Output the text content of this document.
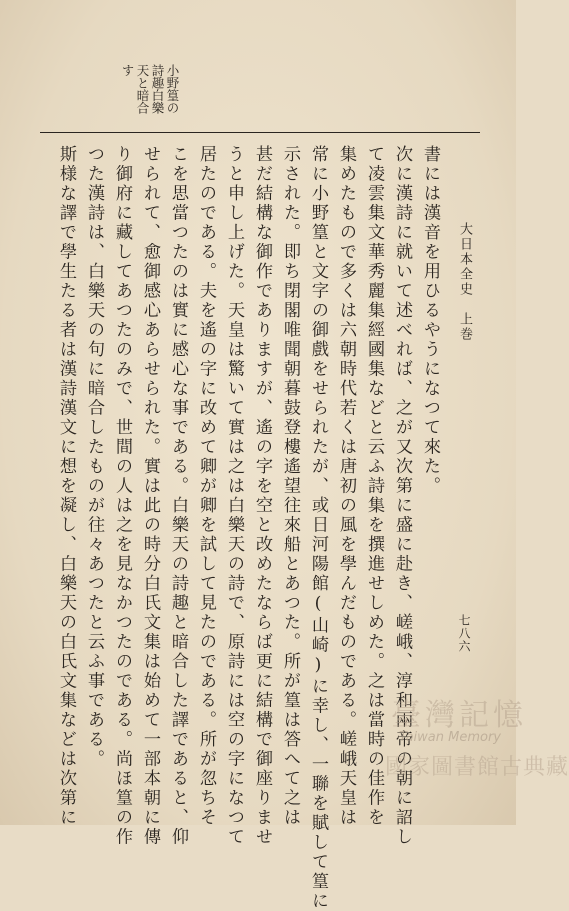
大日本全史　上巻
七八六
小野篁の
詩趣白樂
天と暗合
す
書には漢音を用ひるやうになつて來た。
次に漢詩に就いて述べれば、之が又次第に盛に赴き、嵯峨、淳和兩帝の朝に詔し
て凌雲集文華秀麗集經國集などと云ふ詩集を撰進せしめた。之は當時の佳作を
集めたもので多くは六朝時代若くは唐初の風を學んだものである。嵯峨天皇は
常に小野篁と文字の御戲をせられたが、或日河陽館(山崎)に幸し、一聯を賦して篁に
示された。即ち閉閣唯聞朝暮鼓登樓遙望往來船とあつた。所が篁は答へて之は
甚だ結構な御作でありますが、遙の字を空と改めたならば更に結構で御座りませ
うと申し上げた。天皇は驚いて實は之は白樂天の詩で、原詩には空の字になつて
居たのである。夫を遙の字に改めて卿が卿を試して見たのである。所が忽ちそ
こを思當つたのは實に感心な事である。白樂天の詩趣と暗合した譯であると、仰
せられて、愈御感心あらせられた。實は此の時分白氏文集は始めて一部本朝に傳
り御府に藏してあつたのみで、世間の人は之を見なかつたのである。尚ほ篁の作
つた漢詩は、白樂天の句に暗合したものが往々あつたと云ふ事である。
斯様な譯で學生たる者は漢詩漢文に想を凝し、白樂天の白氏文集などは次第に	臺灣記憶
Taiwan Memory
國家圖書館古典藏
